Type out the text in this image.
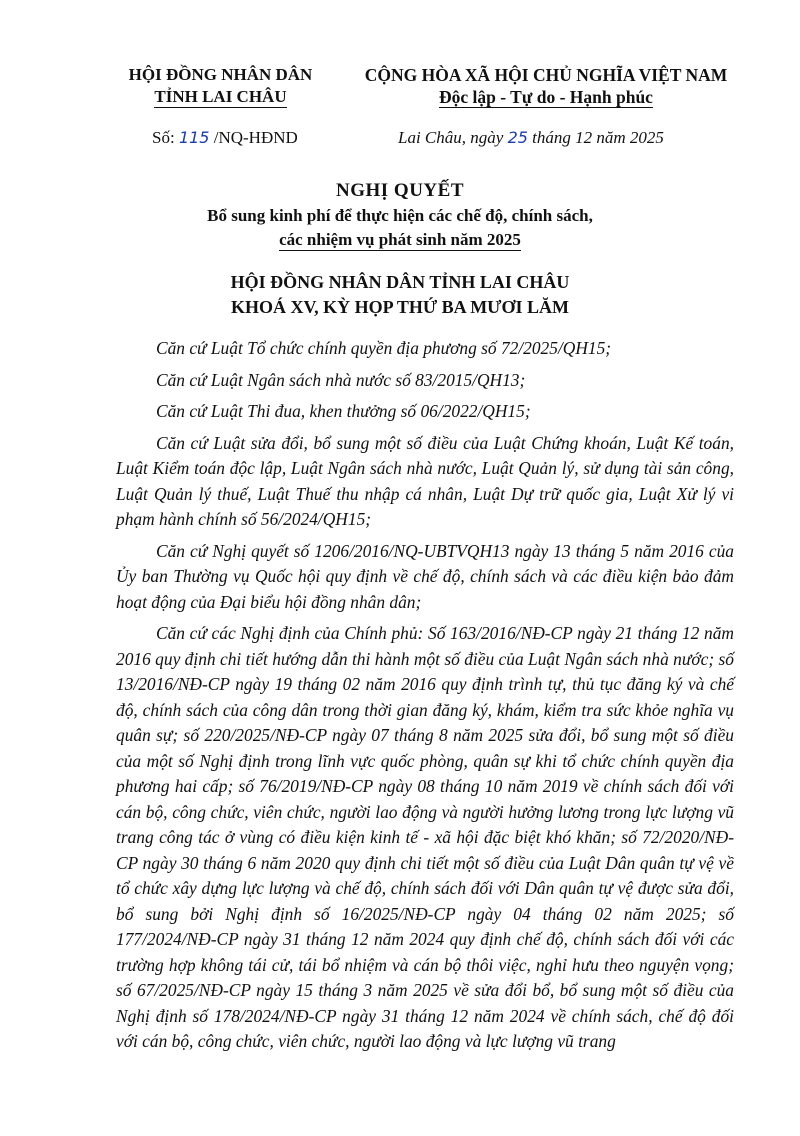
HỘI ĐỒNG NHÂN DÂN
TỈNH LAI CHÂU
CỘNG HÒA XÃ HỘI CHỦ NGHĨA VIỆT NAM
Độc lập - Tự do - Hạnh phúc
Số: 115 /NQ-HĐND	Lai Châu, ngày 25 tháng 12 năm 2025
NGHỊ QUYẾT
Bổ sung kinh phí để thực hiện các chế độ, chính sách,
các nhiệm vụ phát sinh năm 2025
HỘI ĐỒNG NHÂN DÂN TỈNH LAI CHÂU
KHOÁ XV, KỲ HỌP THỨ BA MƯƠI LĂM

Căn cứ Luật Tổ chức chính quyền địa phương số 72/2025/QH15;

Căn cứ Luật Ngân sách nhà nước số 83/2015/QH13;

Căn cứ Luật Thi đua, khen thưởng số 06/2022/QH15;

Căn cứ Luật sửa đổi, bổ sung một số điều của Luật Chứng khoán, Luật Kế toán, Luật Kiểm toán độc lập, Luật Ngân sách nhà nước, Luật Quản lý, sử dụng tài sản công, Luật Quản lý thuế, Luật Thuế thu nhập cá nhân, Luật Dự trữ quốc gia, Luật Xử lý vi phạm hành chính số 56/2024/QH15;

Căn cứ Nghị quyết số 1206/2016/NQ-UBTVQH13 ngày 13 tháng 5 năm 2016 của Ủy ban Thường vụ Quốc hội quy định về chế độ, chính sách và các điều kiện bảo đảm hoạt động của Đại biểu hội đồng nhân dân;

Căn cứ các Nghị định của Chính phủ: Số 163/2016/NĐ-CP ngày 21 tháng 12 năm 2016 quy định chi tiết hướng dẫn thi hành một số điều của Luật Ngân sách nhà nước; số 13/2016/NĐ-CP ngày 19 tháng 02 năm 2016 quy định trình tự, thủ tục đăng ký và chế độ, chính sách của công dân trong thời gian đăng ký, khám, kiểm tra sức khỏe nghĩa vụ quân sự; số 220/2025/NĐ-CP ngày 07 tháng 8 năm 2025 sửa đổi, bổ sung một số điều của một số Nghị định trong lĩnh vực quốc phòng, quân sự khi tổ chức chính quyền địa phương hai cấp; số 76/2019/NĐ-CP ngày 08 tháng 10 năm 2019 về chính sách đối với cán bộ, công chức, viên chức, người lao động và người hưởng lương trong lực lượng vũ trang công tác ở vùng có điều kiện kinh tế - xã hội đặc biệt khó khăn; số 72/2020/NĐ-CP ngày 30 tháng 6 năm 2020 quy định chi tiết một số điều của Luật Dân quân tự vệ về tổ chức xây dựng lực lượng và chế độ, chính sách đối với Dân quân tự vệ được sửa đổi, bổ sung bởi Nghị định số 16/2025/NĐ-CP ngày 04 tháng 02 năm 2025; số 177/2024/NĐ-CP ngày 31 tháng 12 năm 2024 quy định chế độ, chính sách đối với các trường hợp không tái cử, tái bổ nhiệm và cán bộ thôi việc, nghỉ hưu theo nguyện vọng; số 67/2025/NĐ-CP ngày 15 tháng 3 năm 2025 về sửa đổi bổ, bổ sung một số điều của Nghị định số 178/2024/NĐ-CP ngày 31 tháng 12 năm 2024 về chính sách, chế độ đối với cán bộ, công chức, viên chức, người lao động và lực lượng vũ trang
